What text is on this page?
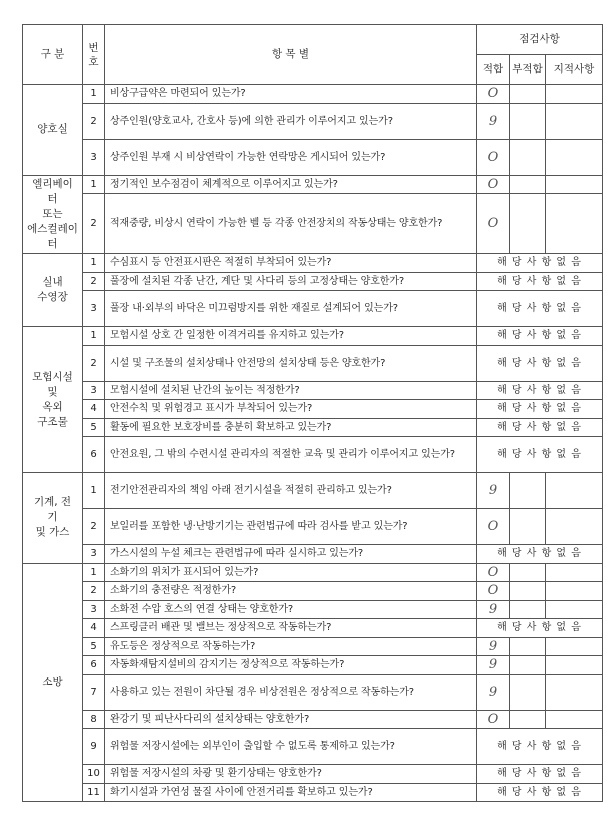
구 분	번
호	항 목 별	점검사항		
			적합	부적합	지적사항
양호실	1	비상구급약은 마련되어 있는가?	O		
	2	상주인원(양호교사, 간호사 등)에 의한 관리가 이루어지고 있는가?	9		
	3	상주인원 부재 시 비상연락이 가능한 연락망은 게시되어 있는가?	O		
엘리베이
터
또는
에스컬레이
터	1	정기적인 보수점검이 체계적으로 이루어지고 있는가?	O		
	2	적재중량, 비상시 연락이 가능한 벨 등 각종 안전장치의 작동상태는 양호한가?	O		
실내
수영장	1	수심표시 등 안전표시판은 적절히 부착되어 있는가?	해 당 사 항 없 음		
	2	풀장에 설치된 각종 난간, 계단 및 사다리 등의 고정상태는 양호한가?	해 당 사 항 없 음		
	3	풀장 내·외부의 바닥은 미끄럼방지를 위한 재질로 설계되어 있는가?	해 당 사 항 없 음		
모험시설
및
옥외
구조물	1	모험시설 상호 간 일정한 이격거리를 유지하고 있는가?	해 당 사 항 없 음		
	2	시설 및 구조물의 설치상태나 안전망의 설치상태 등은 양호한가?	해 당 사 항 없 음		
	3	모험시설에 설치된 난간의 높이는 적정한가?	해 당 사 항 없 음		
	4	안전수칙 및 위험경고 표시가 부착되어 있는가?	해 당 사 항 없 음		
	5	활동에 필요한 보호장비를 충분히 확보하고 있는가?	해 당 사 항 없 음		
	6	안전요원, 그 밖의 수련시설 관리자의 적절한 교육 및 관리가 이루어지고 있는가?	해 당 사 항 없 음		
기계, 전
기
및 가스	1	전기안전관리자의 책임 아래 전기시설을 적절히 관리하고 있는가?	9		
	2	보일러를 포함한 냉·난방기기는 관련법규에 따라 검사를 받고 있는가?	O		
	3	가스시설의 누설 체크는 관련법규에 따라 실시하고 있는가?	해 당 사 항 없 음		
소방	1	소화기의 위치가 표시되어 있는가?	O		
	2	소화기의 충전량은 적정한가?	O		
	3	소화전 수압 호스의 연결 상태는 양호한가?	9		
	4	스프링클러 배관 및 밸브는 정상적으로 작동하는가?	해 당 사 항 없 음		
	5	유도등은 정상적으로 작동하는가?	9		
	6	자동화재탐지설비의 감지기는 정상적으로 작동하는가?	9		
	7	사용하고 있는 전원이 차단될 경우 비상전원은 정상적으로 작동하는가?	9		
	8	완강기 및 피난사다리의 설치상태는 양호한가?	O		
	9	위험물 저장시설에는 외부인이 출입할 수 없도록 통제하고 있는가?	해 당 사 항 없 음		
	10	위험물 저장시설의 차광 및 환기상태는 양호한가?	해 당 사 항 없 음		
	11	화기시설과 가연성 물질 사이에 안전거리를 확보하고 있는가?	해 당 사 항 없 음		
